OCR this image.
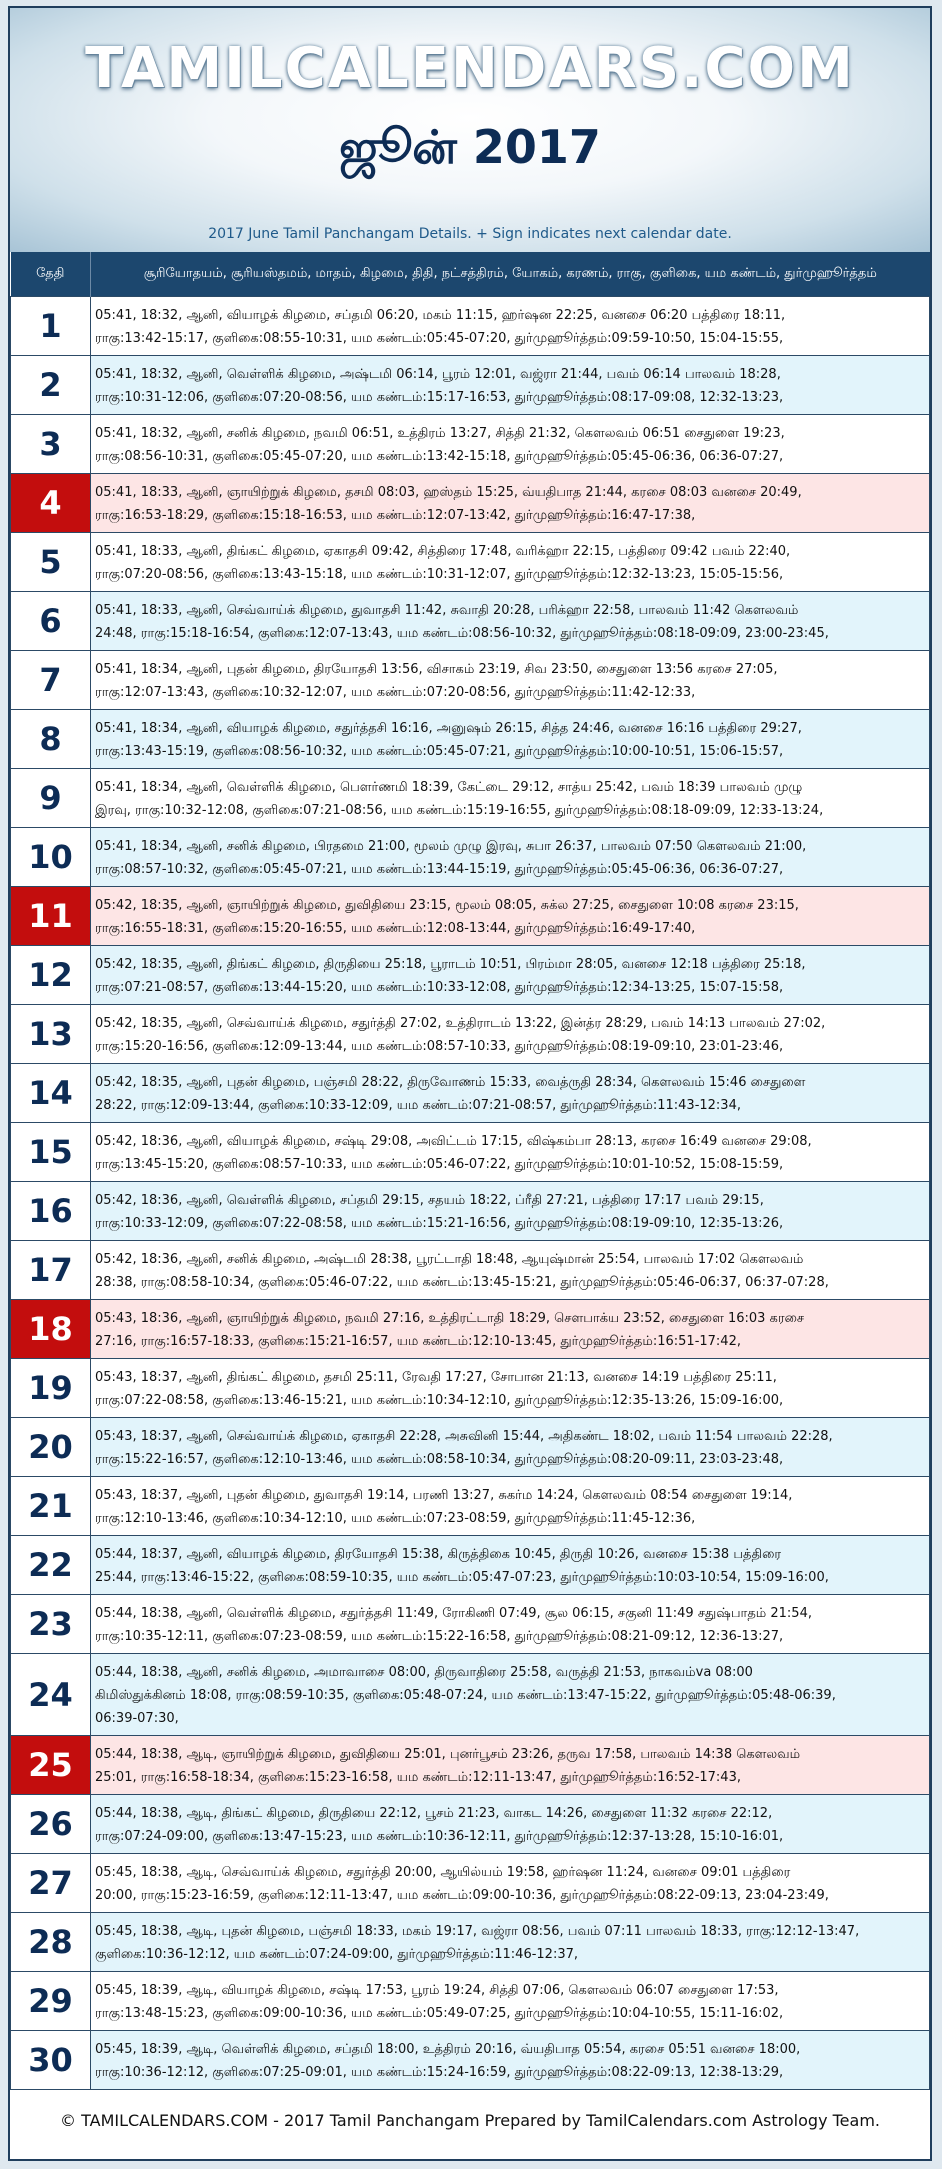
TAMILCALENDARS.COM
ஜூன் 2017
2017 June Tamil Panchangam Details. + Sign indicates next calendar date.
தேதி	சூரியோதயம், சூரியஸ்தமம், மாதம், கிழமை, திதி, நட்சத்திரம், யோகம், கரணம், ராகு, குளிகை, யம கண்டம், துர்முஹூர்த்தம்
1	05:41, 18:32, ஆனி, வியாழக் கிழமை, சப்தமி 06:20, மகம் 11:15, ஹர்ஷன 22:25, வனசை 06:20 பத்திரை 18:11,
ராகு:13:42-15:17, குளிகை:08:55-10:31, யம கண்டம்:05:45-07:20, துர்முஹூர்த்தம்:09:59-10:50, 15:04-15:55,
2	05:41, 18:32, ஆனி, வெள்ளிக் கிழமை, அஷ்டமி 06:14, பூரம் 12:01, வஜ்ரா 21:44, பவம் 06:14 பாலவம் 18:28,
ராகு:10:31-12:06, குளிகை:07:20-08:56, யம கண்டம்:15:17-16:53, துர்முஹூர்த்தம்:08:17-09:08, 12:32-13:23,
3	05:41, 18:32, ஆனி, சனிக் கிழமை, நவமி 06:51, உத்திரம் 13:27, சித்தி 21:32, கௌலவம் 06:51 சைதுளை 19:23,
ராகு:08:56-10:31, குளிகை:05:45-07:20, யம கண்டம்:13:42-15:18, துர்முஹூர்த்தம்:05:45-06:36, 06:36-07:27,
4	05:41, 18:33, ஆனி, ஞாயிற்றுக் கிழமை, தசமி 08:03, ஹஸ்தம் 15:25, வ்யதிபாத 21:44, கரசை 08:03 வனசை 20:49,
ராகு:16:53-18:29, குளிகை:15:18-16:53, யம கண்டம்:12:07-13:42, துர்முஹூர்த்தம்:16:47-17:38,
5	05:41, 18:33, ஆனி, திங்கட் கிழமை, ஏகாதசி 09:42, சித்திரை 17:48, வரிக்ஹா 22:15, பத்திரை 09:42 பவம் 22:40,
ராகு:07:20-08:56, குளிகை:13:43-15:18, யம கண்டம்:10:31-12:07, துர்முஹூர்த்தம்:12:32-13:23, 15:05-15:56,
6	05:41, 18:33, ஆனி, செவ்வாய்க் கிழமை, துவாதசி 11:42, சுவாதி 20:28, பரிக்ஹா 22:58, பாலவம் 11:42 கௌலவம்
24:48, ராகு:15:18-16:54, குளிகை:12:07-13:43, யம கண்டம்:08:56-10:32, துர்முஹூர்த்தம்:08:18-09:09, 23:00-23:45,
7	05:41, 18:34, ஆனி, புதன் கிழமை, திரயோதசி 13:56, விசாகம் 23:19, சிவ 23:50, சைதுளை 13:56 கரசை 27:05,
ராகு:12:07-13:43, குளிகை:10:32-12:07, யம கண்டம்:07:20-08:56, துர்முஹூர்த்தம்:11:42-12:33,
8	05:41, 18:34, ஆனி, வியாழக் கிழமை, சதுர்த்தசி 16:16, அனுஷம் 26:15, சித்த 24:46, வனசை 16:16 பத்திரை 29:27,
ராகு:13:43-15:19, குளிகை:08:56-10:32, யம கண்டம்:05:45-07:21, துர்முஹூர்த்தம்:10:00-10:51, 15:06-15:57,
9	05:41, 18:34, ஆனி, வெள்ளிக் கிழமை, பௌர்ணமி 18:39, கேட்டை 29:12, சாத்ய 25:42, பவம் 18:39 பாலவம் முழு
இரவு, ராகு:10:32-12:08, குளிகை:07:21-08:56, யம கண்டம்:15:19-16:55, துர்முஹூர்த்தம்:08:18-09:09, 12:33-13:24,
10	05:41, 18:34, ஆனி, சனிக் கிழமை, பிரதமை 21:00, மூலம் முழு இரவு, சுபா 26:37, பாலவம் 07:50 கௌலவம் 21:00,
ராகு:08:57-10:32, குளிகை:05:45-07:21, யம கண்டம்:13:44-15:19, துர்முஹூர்த்தம்:05:45-06:36, 06:36-07:27,
11	05:42, 18:35, ஆனி, ஞாயிற்றுக் கிழமை, துவிதியை 23:15, மூலம் 08:05, சுக்ல 27:25, சைதுளை 10:08 கரசை 23:15,
ராகு:16:55-18:31, குளிகை:15:20-16:55, யம கண்டம்:12:08-13:44, துர்முஹூர்த்தம்:16:49-17:40,
12	05:42, 18:35, ஆனி, திங்கட் கிழமை, திருதியை 25:18, பூராடம் 10:51, பிரம்மா 28:05, வனசை 12:18 பத்திரை 25:18,
ராகு:07:21-08:57, குளிகை:13:44-15:20, யம கண்டம்:10:33-12:08, துர்முஹூர்த்தம்:12:34-13:25, 15:07-15:58,
13	05:42, 18:35, ஆனி, செவ்வாய்க் கிழமை, சதுர்த்தி 27:02, உத்திராடம் 13:22, இன்த்ர 28:29, பவம் 14:13 பாலவம் 27:02,
ராகு:15:20-16:56, குளிகை:12:09-13:44, யம கண்டம்:08:57-10:33, துர்முஹூர்த்தம்:08:19-09:10, 23:01-23:46,
14	05:42, 18:35, ஆனி, புதன் கிழமை, பஞ்சமி 28:22, திருவோணம் 15:33, வைத்ருதி 28:34, கௌலவம் 15:46 சைதுளை
28:22, ராகு:12:09-13:44, குளிகை:10:33-12:09, யம கண்டம்:07:21-08:57, துர்முஹூர்த்தம்:11:43-12:34,
15	05:42, 18:36, ஆனி, வியாழக் கிழமை, சஷ்டி 29:08, அவிட்டம் 17:15, விஷ்கம்பா 28:13, கரசை 16:49 வனசை 29:08,
ராகு:13:45-15:20, குளிகை:08:57-10:33, யம கண்டம்:05:46-07:22, துர்முஹூர்த்தம்:10:01-10:52, 15:08-15:59,
16	05:42, 18:36, ஆனி, வெள்ளிக் கிழமை, சப்தமி 29:15, சதயம் 18:22, ப்ரீதி 27:21, பத்திரை 17:17 பவம் 29:15,
ராகு:10:33-12:09, குளிகை:07:22-08:58, யம கண்டம்:15:21-16:56, துர்முஹூர்த்தம்:08:19-09:10, 12:35-13:26,
17	05:42, 18:36, ஆனி, சனிக் கிழமை, அஷ்டமி 28:38, பூரட்டாதி 18:48, ஆயுஷ்மான் 25:54, பாலவம் 17:02 கௌலவம்
28:38, ராகு:08:58-10:34, குளிகை:05:46-07:22, யம கண்டம்:13:45-15:21, துர்முஹூர்த்தம்:05:46-06:37, 06:37-07:28,
18	05:43, 18:36, ஆனி, ஞாயிற்றுக் கிழமை, நவமி 27:16, உத்திரட்டாதி 18:29, சௌபாக்ய 23:52, சைதுளை 16:03 கரசை
27:16, ராகு:16:57-18:33, குளிகை:15:21-16:57, யம கண்டம்:12:10-13:45, துர்முஹூர்த்தம்:16:51-17:42,
19	05:43, 18:37, ஆனி, திங்கட் கிழமை, தசமி 25:11, ரேவதி 17:27, சோபான 21:13, வனசை 14:19 பத்திரை 25:11,
ராகு:07:22-08:58, குளிகை:13:46-15:21, யம கண்டம்:10:34-12:10, துர்முஹூர்த்தம்:12:35-13:26, 15:09-16:00,
20	05:43, 18:37, ஆனி, செவ்வாய்க் கிழமை, ஏகாதசி 22:28, அசுவினி 15:44, அதிகண்ட 18:02, பவம் 11:54 பாலவம் 22:28,
ராகு:15:22-16:57, குளிகை:12:10-13:46, யம கண்டம்:08:58-10:34, துர்முஹூர்த்தம்:08:20-09:11, 23:03-23:48,
21	05:43, 18:37, ஆனி, புதன் கிழமை, துவாதசி 19:14, பரணி 13:27, சுகர்ம 14:24, கௌலவம் 08:54 சைதுளை 19:14,
ராகு:12:10-13:46, குளிகை:10:34-12:10, யம கண்டம்:07:23-08:59, துர்முஹூர்த்தம்:11:45-12:36,
22	05:44, 18:37, ஆனி, வியாழக் கிழமை, திரயோதசி 15:38, கிருத்திகை 10:45, திருதி 10:26, வனசை 15:38 பத்திரை
25:44, ராகு:13:46-15:22, குளிகை:08:59-10:35, யம கண்டம்:05:47-07:23, துர்முஹூர்த்தம்:10:03-10:54, 15:09-16:00,
23	05:44, 18:38, ஆனி, வெள்ளிக் கிழமை, சதுர்த்தசி 11:49, ரோகிணி 07:49, சூல 06:15, சகுனி 11:49 சதுஷ்பாதம் 21:54,
ராகு:10:35-12:11, குளிகை:07:23-08:59, யம கண்டம்:15:22-16:58, துர்முஹூர்த்தம்:08:21-09:12, 12:36-13:27,
24	05:44, 18:38, ஆனி, சனிக் கிழமை, அமாவாசை 08:00, திருவாதிரை 25:58, வருத்தி 21:53, நாகவம்va 08:00
கிமிஸ்துக்கினம் 18:08, ராகு:08:59-10:35, குளிகை:05:48-07:24, யம கண்டம்:13:47-15:22, துர்முஹூர்த்தம்:05:48-06:39,
06:39-07:30,
25	05:44, 18:38, ஆடி, ஞாயிற்றுக் கிழமை, துவிதியை 25:01, புனர்பூசம் 23:26, தருவ 17:58, பாலவம் 14:38 கௌலவம்
25:01, ராகு:16:58-18:34, குளிகை:15:23-16:58, யம கண்டம்:12:11-13:47, துர்முஹூர்த்தம்:16:52-17:43,
26	05:44, 18:38, ஆடி, திங்கட் கிழமை, திருதியை 22:12, பூசம் 21:23, வாகட 14:26, சைதுளை 11:32 கரசை 22:12,
ராகு:07:24-09:00, குளிகை:13:47-15:23, யம கண்டம்:10:36-12:11, துர்முஹூர்த்தம்:12:37-13:28, 15:10-16:01,
27	05:45, 18:38, ஆடி, செவ்வாய்க் கிழமை, சதுர்த்தி 20:00, ஆயில்யம் 19:58, ஹர்ஷன 11:24, வனசை 09:01 பத்திரை
20:00, ராகு:15:23-16:59, குளிகை:12:11-13:47, யம கண்டம்:09:00-10:36, துர்முஹூர்த்தம்:08:22-09:13, 23:04-23:49,
28	05:45, 18:38, ஆடி, புதன் கிழமை, பஞ்சமி 18:33, மகம் 19:17, வஜ்ரா 08:56, பவம் 07:11 பாலவம் 18:33, ராகு:12:12-13:47,
குளிகை:10:36-12:12, யம கண்டம்:07:24-09:00, துர்முஹூர்த்தம்:11:46-12:37,
29	05:45, 18:39, ஆடி, வியாழக் கிழமை, சஷ்டி 17:53, பூரம் 19:24, சித்தி 07:06, கௌலவம் 06:07 சைதுளை 17:53,
ராகு:13:48-15:23, குளிகை:09:00-10:36, யம கண்டம்:05:49-07:25, துர்முஹூர்த்தம்:10:04-10:55, 15:11-16:02,
30	05:45, 18:39, ஆடி, வெள்ளிக் கிழமை, சப்தமி 18:00, உத்திரம் 20:16, வ்யதிபாத 05:54, கரசை 05:51 வனசை 18:00,
ராகு:10:36-12:12, குளிகை:07:25-09:01, யம கண்டம்:15:24-16:59, துர்முஹூர்த்தம்:08:22-09:13, 12:38-13:29,
© TAMILCALENDARS.COM - 2017 Tamil Panchangam Prepared by TamilCalendars.com Astrology Team.
